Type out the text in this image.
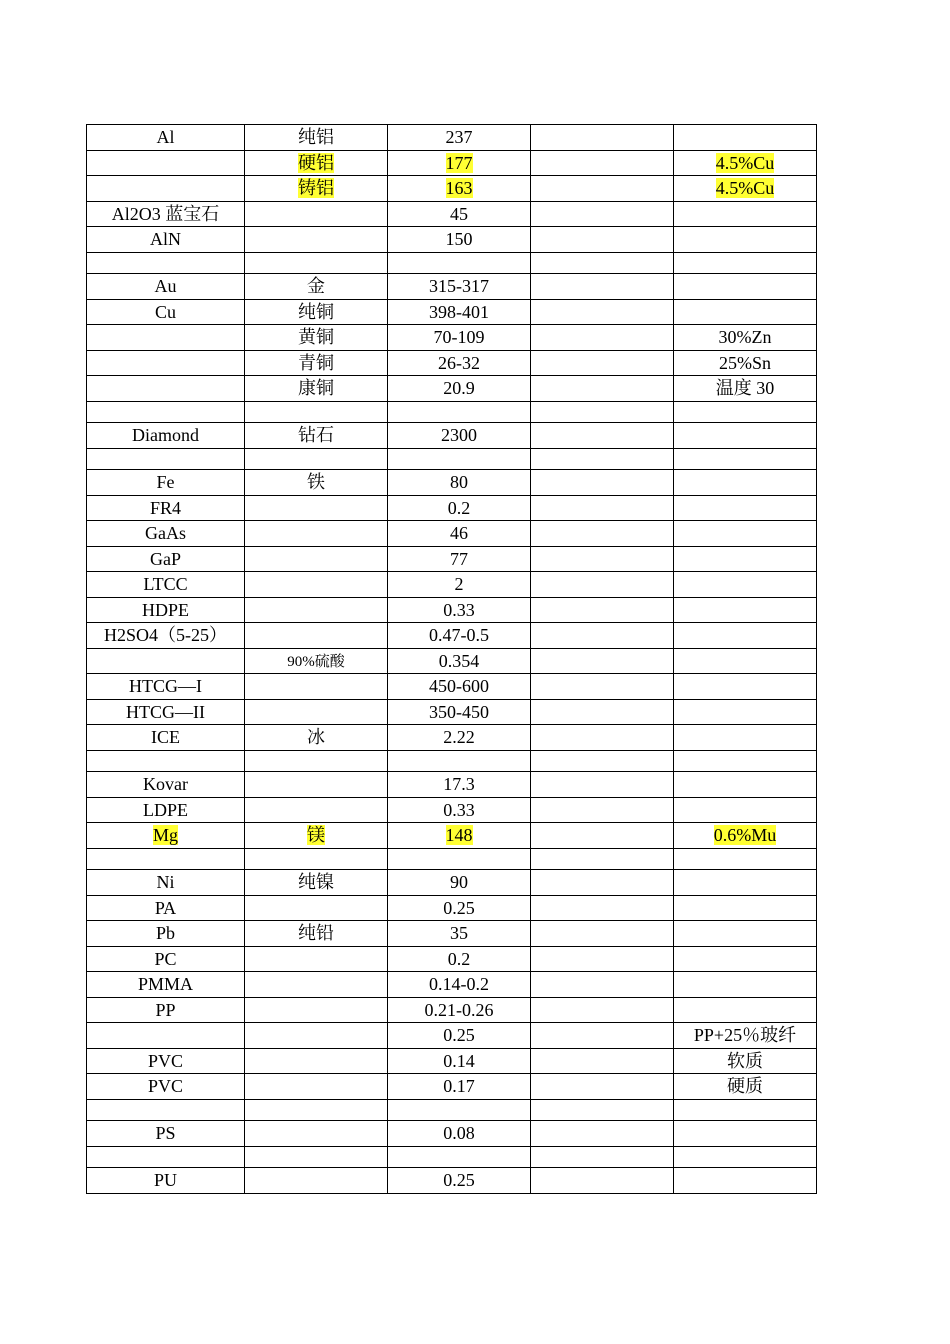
Al	纯铝	237		
	硬铝	177		4.5%Cu
	铸铝	163		4.5%Cu
Al2O3 蓝宝石		45		
AlN		150		

Au	金	315-317		
Cu	纯铜	398-401		
	黄铜	70-109		30%Zn
	青铜	26-32		25%Sn
	康铜	20.9		温度 30

Diamond	钻石	2300		

Fe	铁	80		
FR4		0.2		
GaAs		46		
GaP		77		
LTCC		2		
HDPE		0.33		
H2SO4（5-25）		0.47-0.5		
	90%硫酸	0.354		
HTCG—I		450-600		
HTCG—II		350-450		
ICE	冰	2.22		

Kovar		17.3		
LDPE		0.33		
Mg	镁	148		0.6%Mu

Ni	纯镍	90		
PA		0.25		
Pb	纯铅	35		
PC		0.2		
PMMA		0.14-0.2		
PP		0.21-0.26		
		0.25		PP+25％玻纤
PVC		0.14		软质
PVC		0.17		硬质

PS		0.08		

PU		0.25		
